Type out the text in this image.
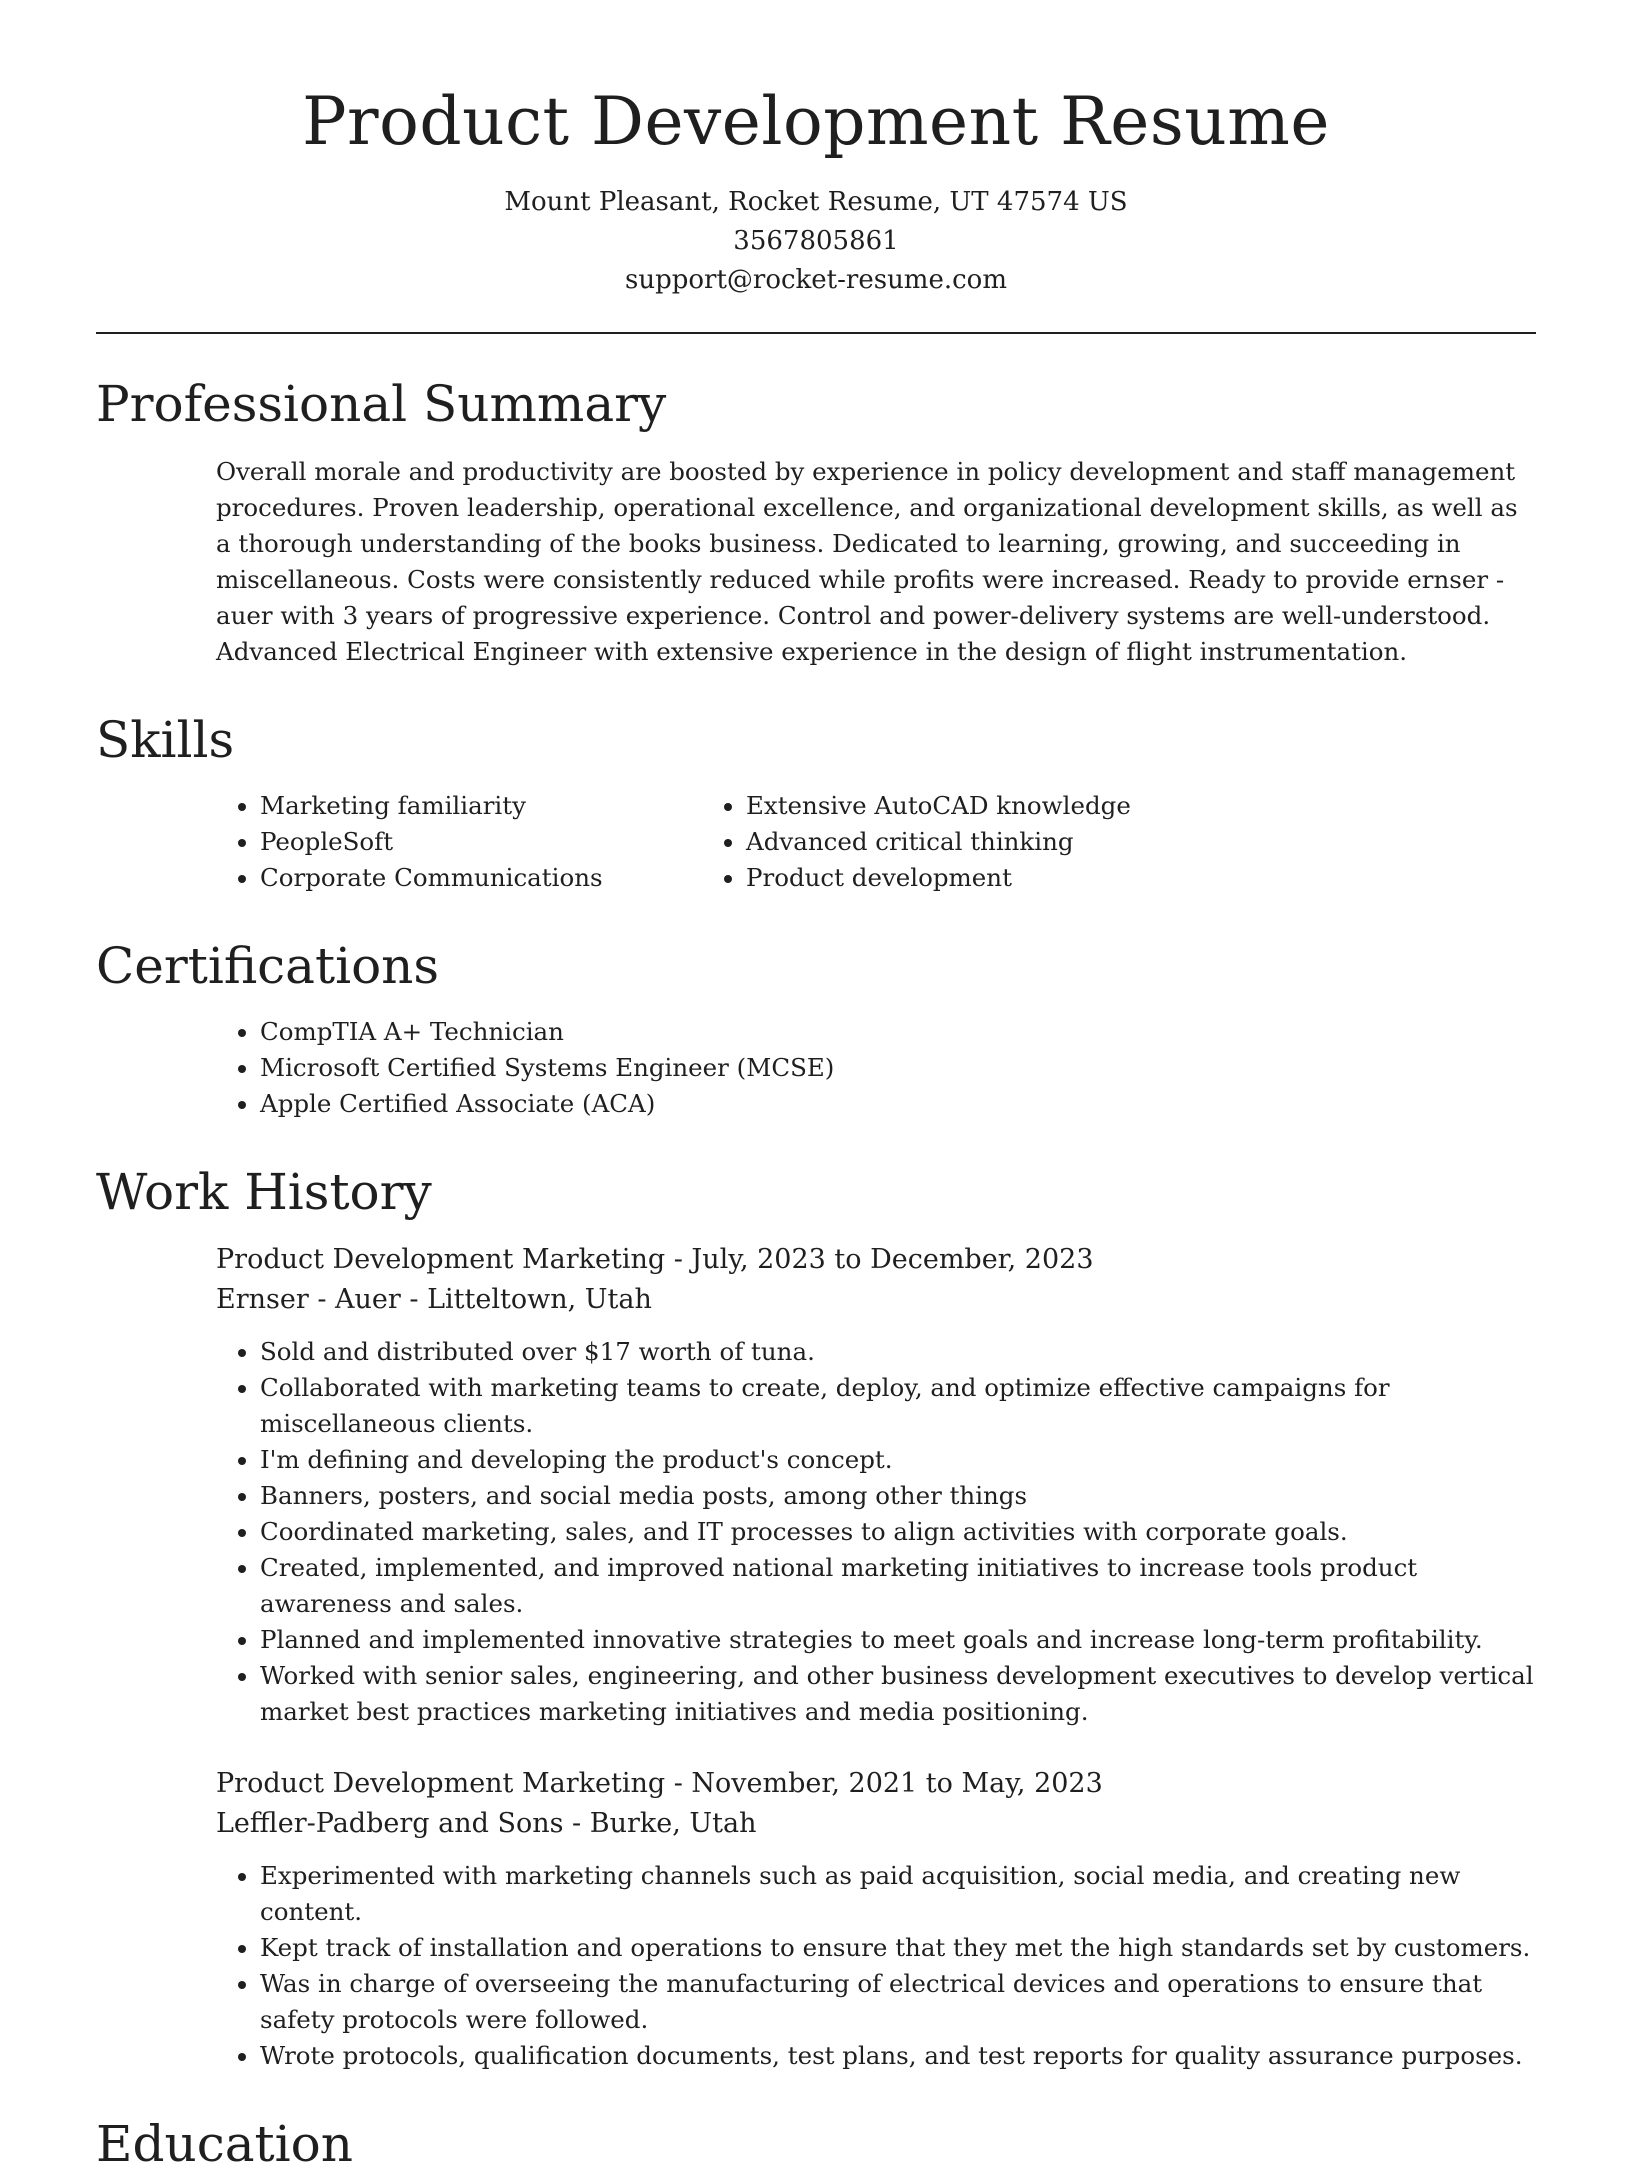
Product Development Resume
Mount Pleasant, Rocket Resume, UT 47574 US
3567805861
support@rocket-resume.com
Professional Summary
Overall morale and productivity are boosted by experience in policy development and staff management procedures. Proven leadership, operational excellence, and organizational development skills, as well as a thorough understanding of the books business. Dedicated to learning, growing, and succeeding in miscellaneous. Costs were consistently reduced while profits were increased. Ready to provide ernser - auer with 3 years of progressive experience. Control and power-delivery systems are well-understood. Advanced Electrical Engineer with extensive experience in the design of flight instrumentation.
Skills
• Marketing familiarity
• PeopleSoft
• Corporate Communications
• Extensive AutoCAD knowledge
• Advanced critical thinking
• Product development
Certifications
• CompTIA A+ Technician
• Microsoft Certified Systems Engineer (MCSE)
• Apple Certified Associate (ACA)
Work History
Product Development Marketing - July, 2023 to December, 2023
Ernser - Auer - Litteltown, Utah
• Sold and distributed over $17 worth of tuna.
• Collaborated with marketing teams to create, deploy, and optimize effective campaigns for miscellaneous clients.
• I'm defining and developing the product's concept.
• Banners, posters, and social media posts, among other things
• Coordinated marketing, sales, and IT processes to align activities with corporate goals.
• Created, implemented, and improved national marketing initiatives to increase tools product awareness and sales.
• Planned and implemented innovative strategies to meet goals and increase long-term profitability.
• Worked with senior sales, engineering, and other business development executives to develop vertical market best practices marketing initiatives and media positioning.
Product Development Marketing - November, 2021 to May, 2023
Leffler-Padberg and Sons - Burke, Utah
• Experimented with marketing channels such as paid acquisition, social media, and creating new content.
• Kept track of installation and operations to ensure that they met the high standards set by customers.
• Was in charge of overseeing the manufacturing of electrical devices and operations to ensure that safety protocols were followed.
• Wrote protocols, qualification documents, test plans, and test reports for quality assurance purposes.
Education
